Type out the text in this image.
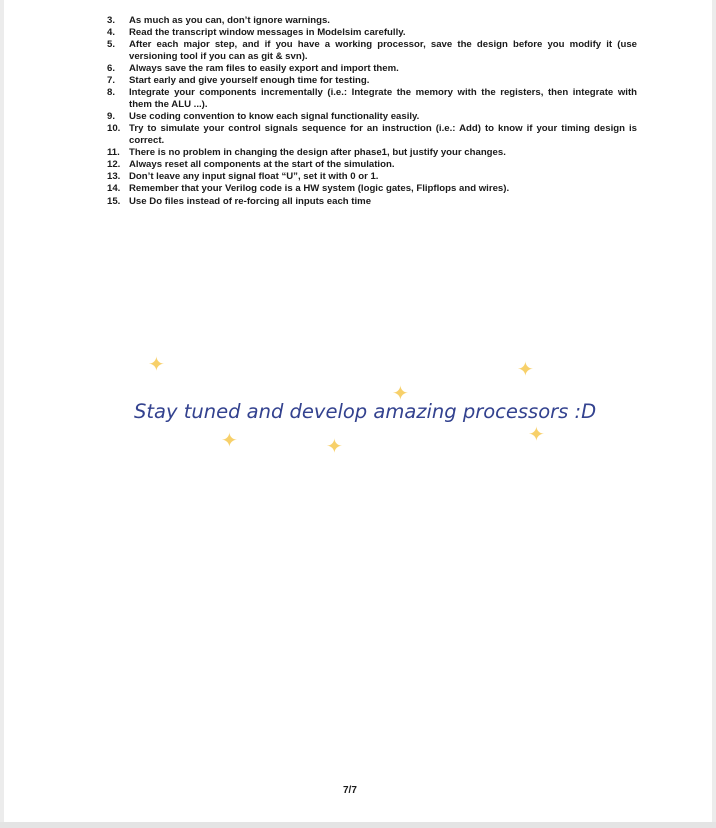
3. As much as you can, don’t ignore warnings.
4. Read the transcript window messages in Modelsim carefully.
5. After each major step, and if you have a working processor, save the design before you modify it (use versioning tool if you can as git & svn).
6. Always save the ram files to easily export and import them.
7. Start early and give yourself enough time for testing.
8. Integrate your components incrementally (i.e.: Integrate the memory with the registers, then integrate with them the ALU ...).
9. Use coding convention to know each signal functionality easily.
10. Try to simulate your control signals sequence for an instruction (i.e.: Add) to know if your timing design is correct.
11. There is no problem in changing the design after phase1, but justify your changes.
12. Always reset all components at the start of the simulation.
13. Don’t leave any input signal float “U”, set it with 0 or 1.
14. Remember that your Verilog code is a HW system (logic gates, Flipflops and wires).
15. Use Do files instead of re-forcing all inputs each time
✦	✦
✦
✦	✦
✦
Stay tuned and develop amazing processors :D
7/7
